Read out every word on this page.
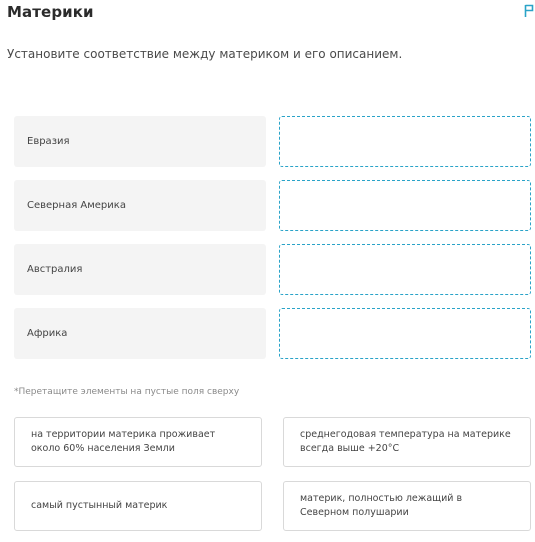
Материки
Установите соответствие между материком и его описанием.
Евразия
Северная Америка
Австралия
Африка
*Перетащите элементы на пустые поля сверху
на территории материка проживает около 60% населения Земли
среднегодовая температура на материке всегда выше +20°С
самый пустынный материк
материк, полностью лежащий в Северном полушарии
